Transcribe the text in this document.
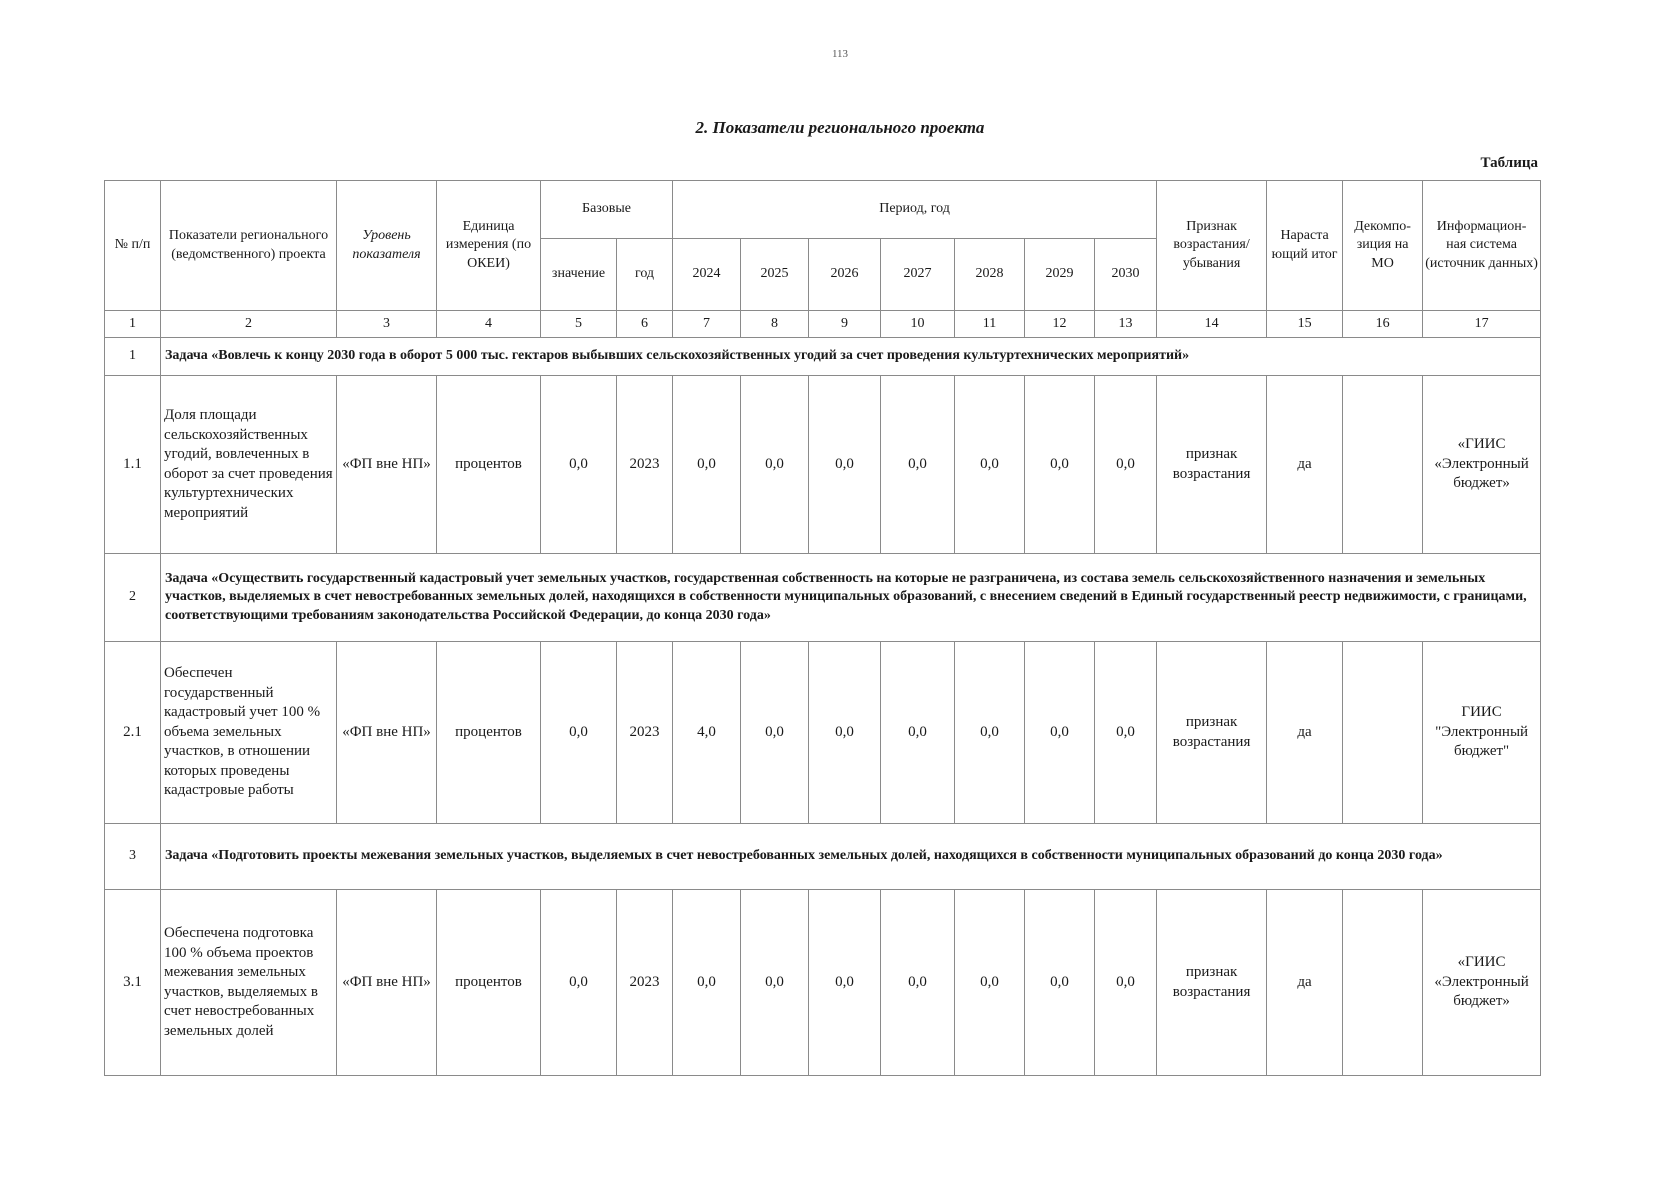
113
2. Показатели регионального проекта
Таблица
№ п/п	Показатели регионального (ведомственного) проекта	Уровень показателя	Единица измерения (по ОКЕИ)	Базовые		Период, год							Признак возрастания/ убывания	Нараста ющий итог	Декомпо- зиция на МО	Информацион- ная система (источник данных)
				значение	год	2024	2025	2026	2027	2028	2029	2030				
1	2	3	4	5	6	7	8	9	10	11	12	13	14	15	16	17
1	Задача «Вовлечь к концу 2030 года в оборот 5 000 тыс. гектаров выбывших сельскохозяйственных угодий за счет проведения культуртехнических мероприятий»															
1.1	Доля площади сельскохозяйственных угодий, вовлеченных в оборот за счет проведения культуртехнических мероприятий	«ФП вне НП»	процентов	0,0	2023	0,0	0,0	0,0	0,0	0,0	0,0	0,0	признак возрастания	да		«ГИИС «Электронный бюджет»
2	Задача «Осуществить государственный кадастровый учет земельных участков, государственная собственность на которые не разграничена, из состава земель сельскохозяйственного назначения и земельных участков, выделяемых в счет невостребованных земельных долей, находящихся в собственности муниципальных образований, с внесением сведений в Единый государственный реестр недвижимости, с границами, соответствующими требованиям законодательства Российской Федерации, до конца 2030 года»															
2.1	Обеспечен государственный кадастровый учет 100 % объема земельных участков, в отношении которых проведены кадастровые работы	«ФП вне НП»	процентов	0,0	2023	4,0	0,0	0,0	0,0	0,0	0,0	0,0	признак возрастания	да		ГИИС "Электронный бюджет"
3	Задача «Подготовить проекты межевания земельных участков, выделяемых в счет невостребованных земельных долей, находящихся в собственности муниципальных образований до конца 2030 года»															
3.1	Обеспечена подготовка 100 % объема проектов межевания земельных участков, выделяемых в счет невостребованных земельных долей	«ФП вне НП»	процентов	0,0	2023	0,0	0,0	0,0	0,0	0,0	0,0	0,0	признак возрастания	да		«ГИИС «Электронный бюджет»
